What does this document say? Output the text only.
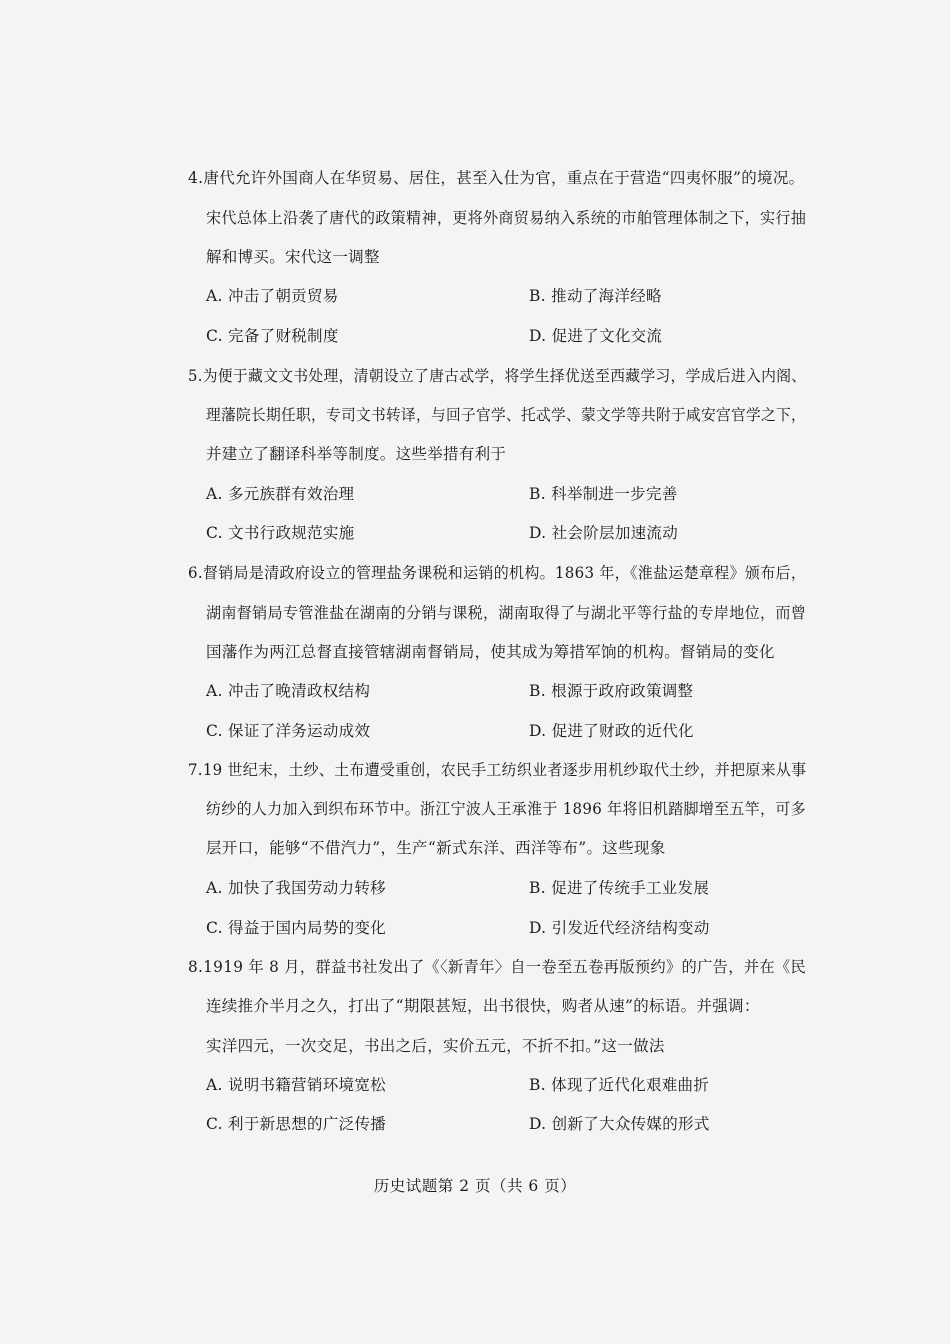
4.唐代允许外国商人在华贸易、居住，甚至入仕为官，重点在于营造“四夷怀服”的境况。
宋代总体上沿袭了唐代的政策精神，更将外商贸易纳入系统的市舶管理体制之下，实行抽
解和博买。宋代这一调整
A. 冲击了朝贡贸易	B. 推动了海洋经略
C. 完备了财税制度	D. 促进了文化交流
5.为便于藏文文书处理，清朝设立了唐古忒学，将学生择优送至西藏学习，学成后进入内阁、
理藩院长期任职，专司文书转译，与回子官学、托忒学、蒙文学等共附于咸安宫官学之下，
并建立了翻译科举等制度。这些举措有利于
A. 多元族群有效治理	B. 科举制进一步完善
C. 文书行政规范实施	D. 社会阶层加速流动
6.督销局是清政府设立的管理盐务课税和运销的机构。1863 年，《淮盐运楚章程》颁布后，
湖南督销局专管淮盐在湖南的分销与课税，湖南取得了与湖北平等行盐的专岸地位，而曾
国藩作为两江总督直接管辖湖南督销局，使其成为筹措军饷的机构。督销局的变化
A. 冲击了晚清政权结构	B. 根源于政府政策调整
C. 保证了洋务运动成效	D. 促进了财政的近代化
7.19 世纪末，土纱、土布遭受重创，农民手工纺织业者逐步用机纱取代土纱，并把原来从事
纺纱的人力加入到织布环节中。浙江宁波人王承淮于 1896 年将旧机踏脚增至五竿，可多
层开口，能够“不借汽力”，生产“新式东洋、西洋等布”。这些现象
A. 加快了我国劳动力转移	B. 促进了传统手工业发展
C. 得益于国内局势的变化	D. 引发近代经济结构变动
8.1919 年 8 月，群益书社发出了《〈新青年〉自一卷至五卷再版预约》的广告，并在《民
连续推介半月之久，打出了“期限甚短，出书很快，购者从速”的标语。并强调：
实洋四元，一次交足，书出之后，实价五元，不折不扣。”这一做法
A. 说明书籍营销环境宽松	B. 体现了近代化艰难曲折
C. 利于新思想的广泛传播	D. 创新了大众传媒的形式
历史试题第 2 页（共 6 页）
